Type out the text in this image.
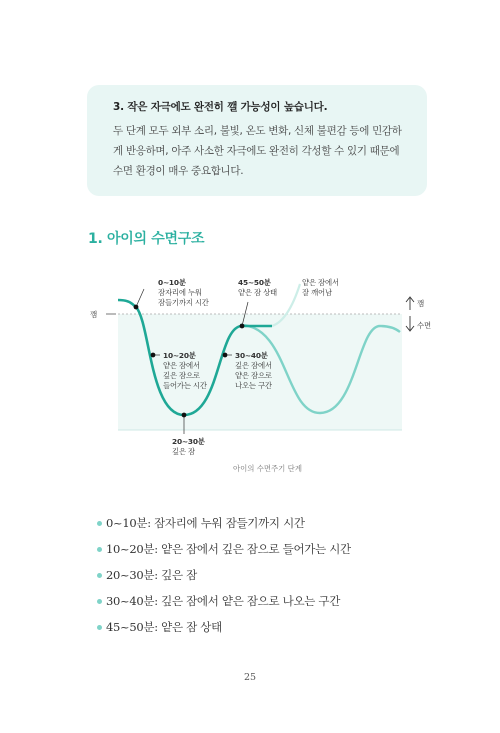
3. 작은 자극에도 완전히 깰 가능성이 높습니다.

두 단계 모두 외부 소리, 불빛, 온도 변화, 신체 불편감 등에 민감하
게 반응하며, 아주 사소한 자극에도 완전히 각성할 수 있기 때문에
수면 환경이 매우 중요합니다.

1. 아이의 수면구조
깸
깸
수면
0~10분 잠자리에 누워 잠들기까지 시간
10~20분 얕은 잠에서 깊은 잠으로 들어가는 시간
20~30분 깊은 잠
30~40분 깊은 잠에서 얕은 잠으로 나오는 구간
45~50분 얕은 잠 상태
얕은 잠에서 잘 깨어남
아이의 수면주기 단계
0~10분: 잠자리에 누워 잠들기까지 시간
10~20분: 얕은 잠에서 깊은 잠으로 들어가는 시간
20~30분: 깊은 잠
30~40분: 깊은 잠에서 얕은 잠으로 나오는 구간
45~50분: 얕은 잠 상태
25
